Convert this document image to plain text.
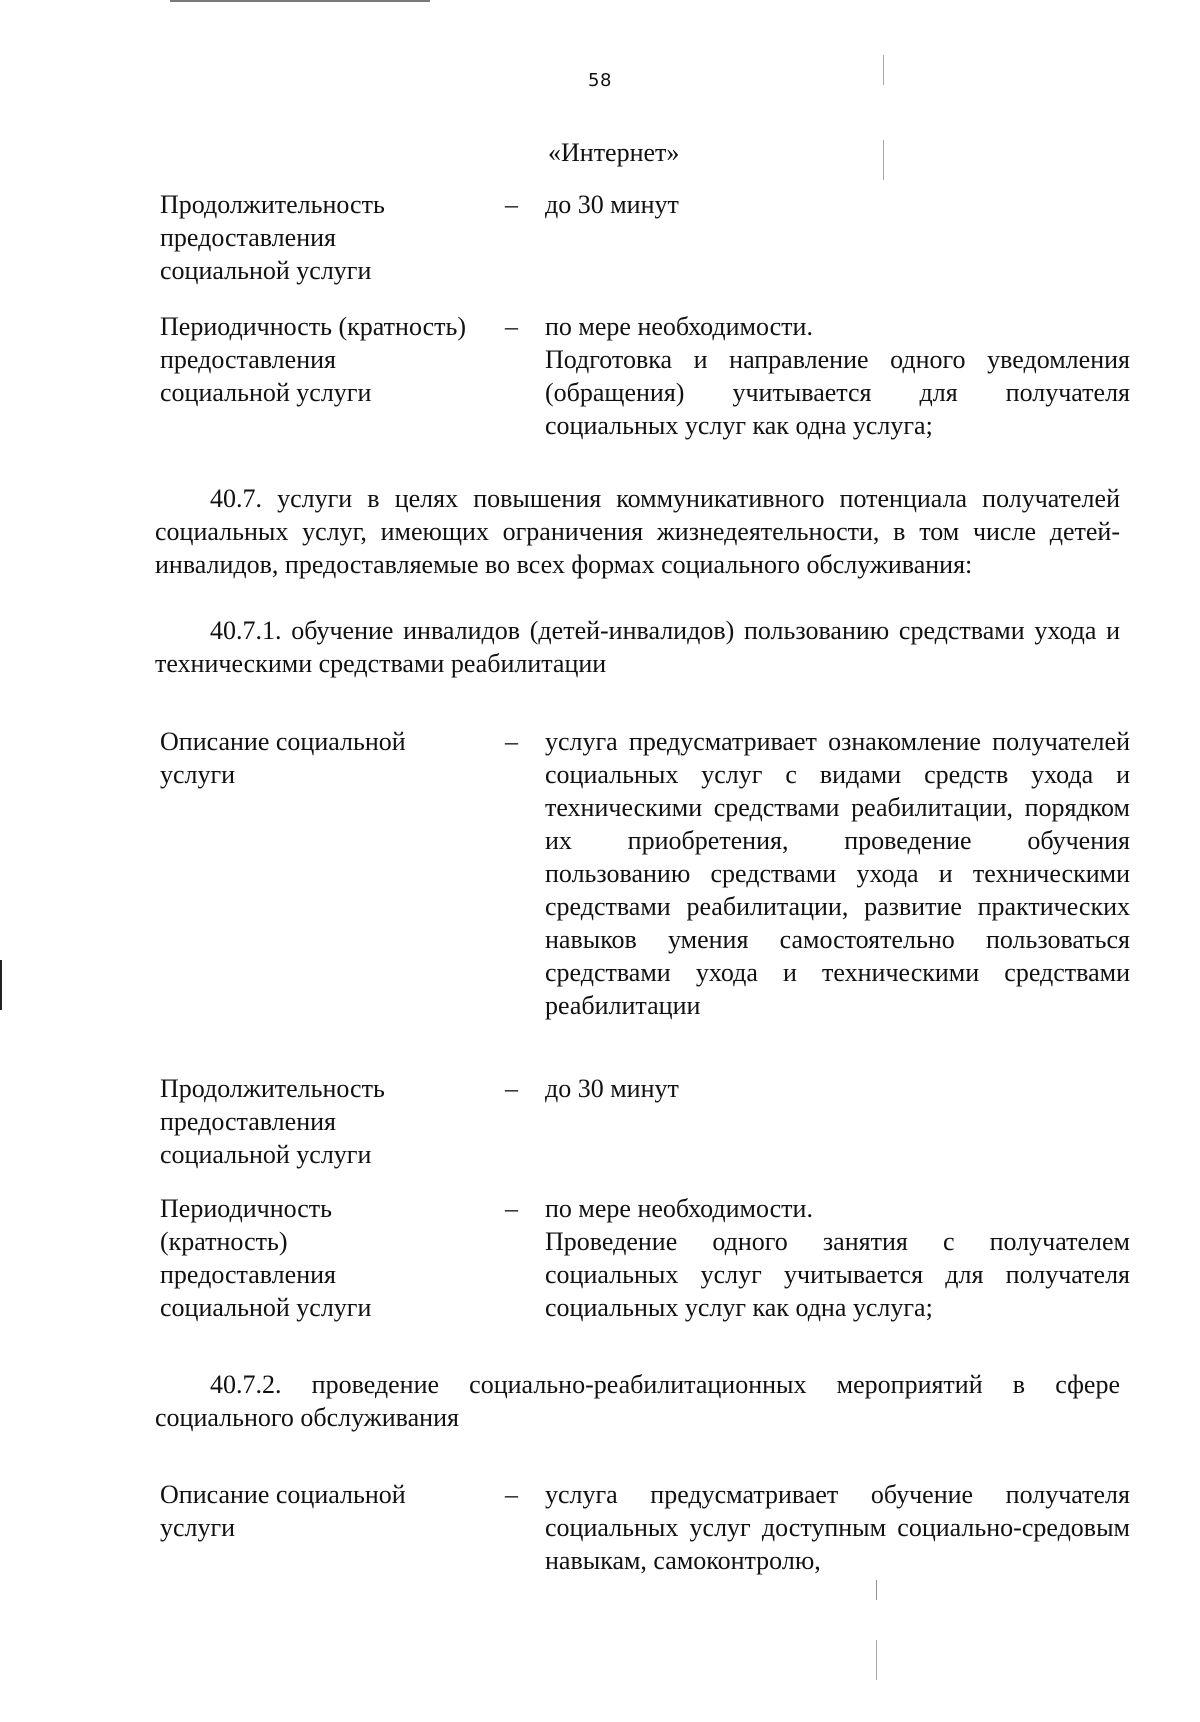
58
«Интернет»
Продолжительность
предоставления
социальной услуги
–	до 30 минут
Периодичность (кратность)
предоставления
социальной услуги
–	по мере необходимости.

Подготовка и направление одного уведомления (обращения) учитывается для получателя социальных услуг как одна услуга;

40.7. услуги в целях повышения коммуникативного потенциала получателей социальных услуг, имеющих ограничения жизнедеятельности, в том числе детей-инвалидов, предоставляемые во всех формах социального обслуживания:

40.7.1. обучение инвалидов (детей-инвалидов) пользованию средствами ухода и техническими средствами реабилитации

Описание социальной
услуги
–	услуга предусматривает ознакомление получателей социальных услуг с видами средств ухода и техническими средствами реабилитации, порядком их приобретения, проведение обучения пользованию средствами ухода и техническими средствами реабилитации, развитие практических навыков умения самостоятельно пользоваться средствами ухода и техническими средствами реабилитации
Продолжительность
предоставления
социальной услуги
–	до 30 минут
Периодичность
(кратность)
предоставления
социальной услуги
–	по мере необходимости.

Проведение одного занятия с получателем социальных услуг учитывается для получателя социальных услуг как одна услуга;

40.7.2. проведение социально-реабилитационных мероприятий в сфере социального обслуживания

Описание социальной
услуги
–	услуга предусматривает обучение получателя социальных услуг доступным социально-средовым навыкам, самоконтролю,
